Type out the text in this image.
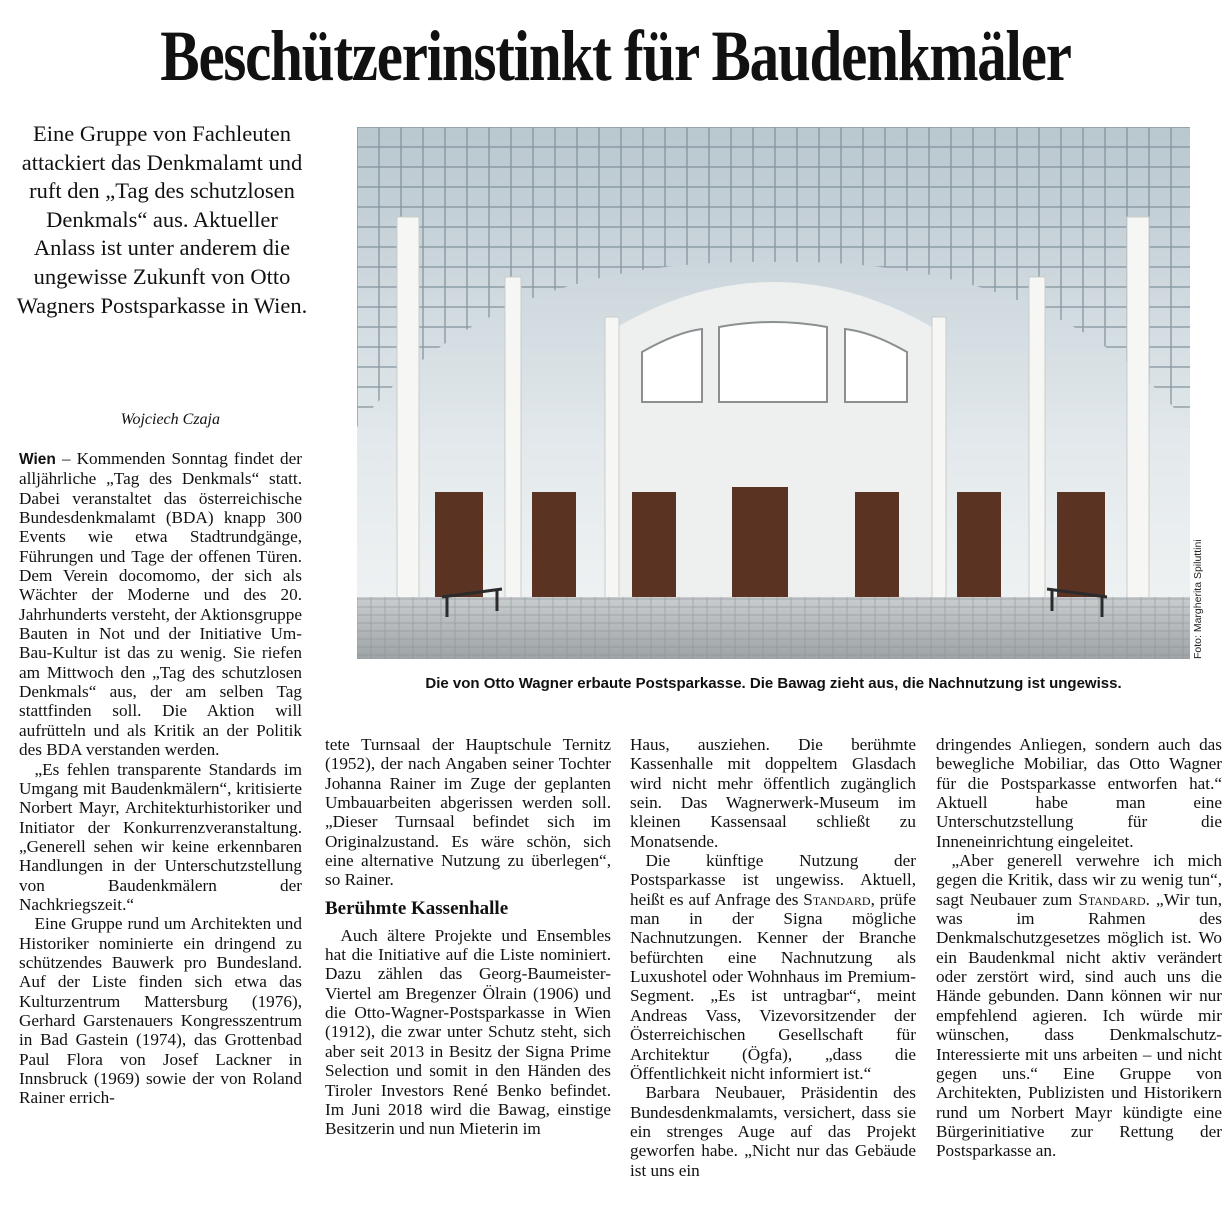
Beschützerinstinkt für Baudenkmäler

Eine Gruppe von Fachleuten attackiert das Denkmalamt und ruft den „Tag des schutzlosen Denkmals“ aus. Aktueller Anlass ist unter anderem die ungewisse Zukunft von Otto Wagners Postsparkasse in Wien.

Wojciech Czaja

Wien – Kommenden Sonntag findet der alljährliche „Tag des Denkmals“ statt. Dabei veranstaltet das österreichische Bundesdenkmalamt (BDA) knapp 300 Events wie etwa Stadtrundgänge, Führungen und Tage der offenen Türen. Dem Verein docomomo, der sich als Wächter der Moderne und des 20. Jahrhunderts versteht, der Aktionsgruppe Bauten in Not und der Initiative Um-Bau-Kultur ist das zu wenig. Sie riefen am Mittwoch den „Tag des schutzlosen Denkmals“ aus, der am selben Tag stattfinden soll. Die Aktion will aufrütteln und als Kritik an der Politik des BDA verstanden werden.

„Es fehlen transparente Standards im Umgang mit Baudenkmälern“, kritisierte Norbert Mayr, Architekturhistoriker und Initiator der Konkurrenzveranstaltung. „Generell sehen wir keine erkennbaren Handlungen in der Unterschutzstellung von Baudenkmälern der Nachkriegszeit.“

Eine Gruppe rund um Architekten und Historiker nominierte ein dringend zu schützendes Bauwerk pro Bundesland. Auf der Liste finden sich etwa das Kulturzentrum Mattersburg (1976), Gerhard Garstenauers Kongresszentrum in Bad Gastein (1974), das Grottenbad Paul Flora von Josef Lackner in Innsbruck (1969) sowie der von Roland Rainer errich-

Foto: Margherita Spiluttini
Die von Otto Wagner erbaute Postsparkasse. Die Bawag zieht aus, die Nachnutzung ist ungewiss.

tete Turnsaal der Hauptschule Ternitz (1952), der nach Angaben seiner Tochter Johanna Rainer im Zuge der geplanten Umbauarbeiten abgerissen werden soll. „Dieser Turnsaal befindet sich im Originalzustand. Es wäre schön, sich eine alternative Nutzung zu überlegen“, so Rainer.

Berühmte Kassenhalle

Auch ältere Projekte und Ensembles hat die Initiative auf die Liste nominiert. Dazu zählen das Georg-Baumeister-Viertel am Bregenzer Ölrain (1906) und die Otto-Wagner-Postsparkasse in Wien (1912), die zwar unter Schutz steht, sich aber seit 2013 in Besitz der Signa Prime Selection und somit in den Händen des Tiroler Investors René Benko befindet. Im Juni 2018 wird die Bawag, einstige Besitzerin und nun Mieterin im

Haus, ausziehen. Die berühmte Kassenhalle mit doppeltem Glasdach wird nicht mehr öffentlich zugänglich sein. Das Wagnerwerk-Museum im kleinen Kassensaal schließt zu Monatsende.

Die künftige Nutzung der Postsparkasse ist ungewiss. Aktuell, heißt es auf Anfrage des Standard, prüfe man in der Signa mögliche Nachnutzungen. Kenner der Branche befürchten eine Nachnutzung als Luxushotel oder Wohnhaus im Premium-Segment. „Es ist untragbar“, meint Andreas Vass, Vizevorsitzender der Österreichischen Gesellschaft für Architektur (Ögfa), „dass die Öffentlichkeit nicht informiert ist.“

Barbara Neubauer, Präsidentin des Bundesdenkmalamts, versichert, dass sie ein strenges Auge auf das Projekt geworfen habe. „Nicht nur das Gebäude ist uns ein

dringendes Anliegen, sondern auch das bewegliche Mobiliar, das Otto Wagner für die Postsparkasse entworfen hat.“ Aktuell habe man eine Unterschutzstellung für die Inneneinrichtung eingeleitet.

„Aber generell verwehre ich mich gegen die Kritik, dass wir zu wenig tun“, sagt Neubauer zum Standard. „Wir tun, was im Rahmen des Denkmalschutzgesetzes möglich ist. Wo ein Baudenkmal nicht aktiv verändert oder zerstört wird, sind auch uns die Hände gebunden. Dann können wir nur empfehlend agieren. Ich würde mir wünschen, dass Denkmalschutz-Interessierte mit uns arbeiten – und nicht gegen uns.“ Eine Gruppe von Architekten, Publizisten und Historikern rund um Norbert Mayr kündigte eine Bürgerinitiative zur Rettung der Postsparkasse an.
